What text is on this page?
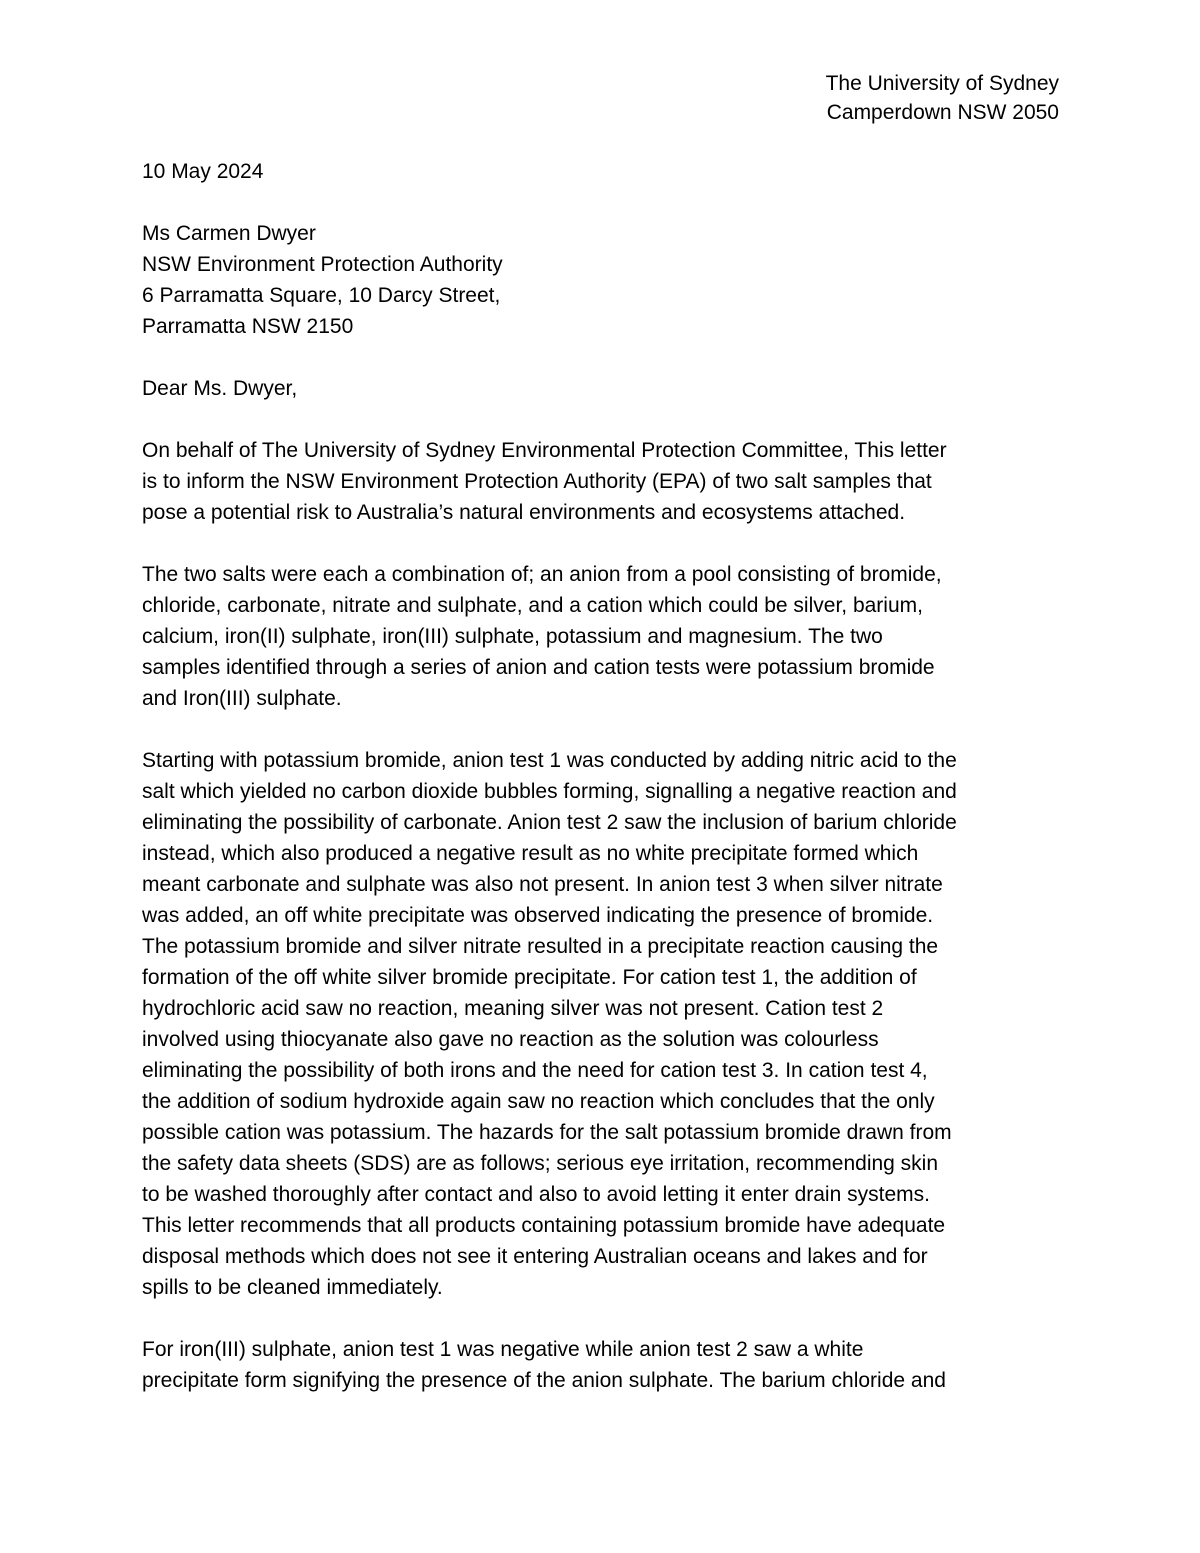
The University of Sydney
Camperdown NSW 2050
10 May 2024
Ms Carmen Dwyer
NSW Environment Protection Authority
6 Parramatta Square, 10 Darcy Street,
Parramatta NSW 2150
Dear Ms. Dwyer,
On behalf of The University of Sydney Environmental Protection Committee, This letter
is to inform the NSW Environment Protection Authority (EPA) of two salt samples that
pose a potential risk to Australia’s natural environments and ecosystems attached.
The two salts were each a combination of; an anion from a pool consisting of bromide,
chloride, carbonate, nitrate and sulphate, and a cation which could be silver, barium,
calcium, iron(II) sulphate, iron(III) sulphate, potassium and magnesium. The two
samples identified through a series of anion and cation tests were potassium bromide
and Iron(III) sulphate.
Starting with potassium bromide, anion test 1 was conducted by adding nitric acid to the
salt which yielded no carbon dioxide bubbles forming, signalling a negative reaction and
eliminating the possibility of carbonate. Anion test 2 saw the inclusion of barium chloride
instead, which also produced a negative result as no white precipitate formed which
meant carbonate and sulphate was also not present. In anion test 3 when silver nitrate
was added, an off white precipitate was observed indicating the presence of bromide.
The potassium bromide and silver nitrate resulted in a precipitate reaction causing the
formation of the off white silver bromide precipitate. For cation test 1, the addition of
hydrochloric acid saw no reaction, meaning silver was not present. Cation test 2
involved using thiocyanate also gave no reaction as the solution was colourless
eliminating the possibility of both irons and the need for cation test 3. In cation test 4,
the addition of sodium hydroxide again saw no reaction which concludes that the only
possible cation was potassium. The hazards for the salt potassium bromide drawn from
the safety data sheets (SDS) are as follows; serious eye irritation, recommending skin
to be washed thoroughly after contact and also to avoid letting it enter drain systems.
This letter recommends that all products containing potassium bromide have adequate
disposal methods which does not see it entering Australian oceans and lakes and for
spills to be cleaned immediately.
For iron(III) sulphate, anion test 1 was negative while anion test 2 saw a white
precipitate form signifying the presence of the anion sulphate. The barium chloride and
